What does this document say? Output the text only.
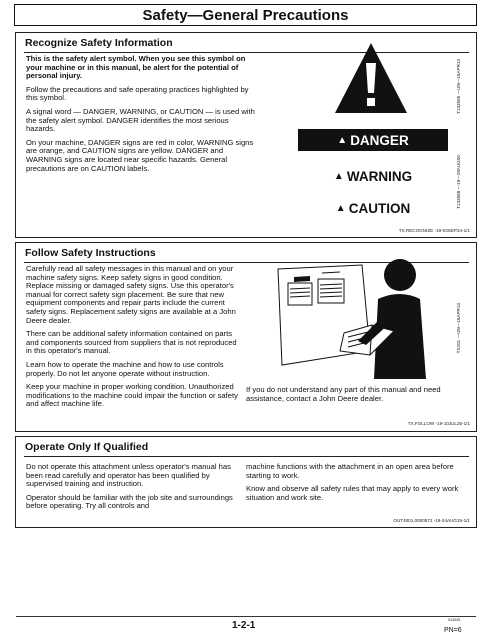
Safety—General Precautions
Recognize Safety Information

This is the safety alert symbol. When you see this symbol on your machine or in this manual, be alert for the potential of personal injury.

Follow the precautions and safe operating practices highlighted by this symbol.

A signal word — DANGER, WARNING, or CAUTION — is used with the safety alert symbol. DANGER identifies the most serious hazards.

On your machine, DANGER signs are red in color, WARNING signs are orange, and CAUTION signs are yellow. DANGER and WARNING signs are located near specific hazards. General precautions are on CAUTION labels.

T133555 —UN—15APR13
▲ DANGER
▲ WARNING
▲ CAUTION	T133588 —19—28AUG00
TX,RECOGNIZE -19-03SEP24-1/1
Follow Safety Instructions

Carefully read all safety messages in this manual and on your machine safety signs. Keep safety signs in good condition. Replace missing or damaged safety signs. Use this operator's manual for correct safety sign placement. Be sure that new equipment components and repair parts include the current safety signs. Replacement safety signs are available at a John Deere dealer.

There can be additional safety information contained on parts and components sourced from suppliers that is not reproduced in this operator's manual.

Learn how to operate the machine and how to use controls properly. Do not let anyone operate without instruction.

Keep your machine in proper working condition. Unauthorized modifications to the machine could impair the function or safety and affect machine life.

TS201 —UN—15APR13

If you do not understand any part of this manual and need assistance, contact a John Deere dealer.

TX,FOLLOW -19-10JUL25-1/1
Operate Only If Qualified

Do not operate this attachment unless operator's manual has been read carefully and operator has been qualified by supervised training and instruction.

Operator should be familiar with the job site and surroundings before operating. Try all controls and

machine functions with the attachment in an open area before starting to work.

Know and observe all safety rules that may apply to every work situation and work site.

OUT4001,0000571 -19-24AUG15-1/1
1-2-1	011025
PN=6
